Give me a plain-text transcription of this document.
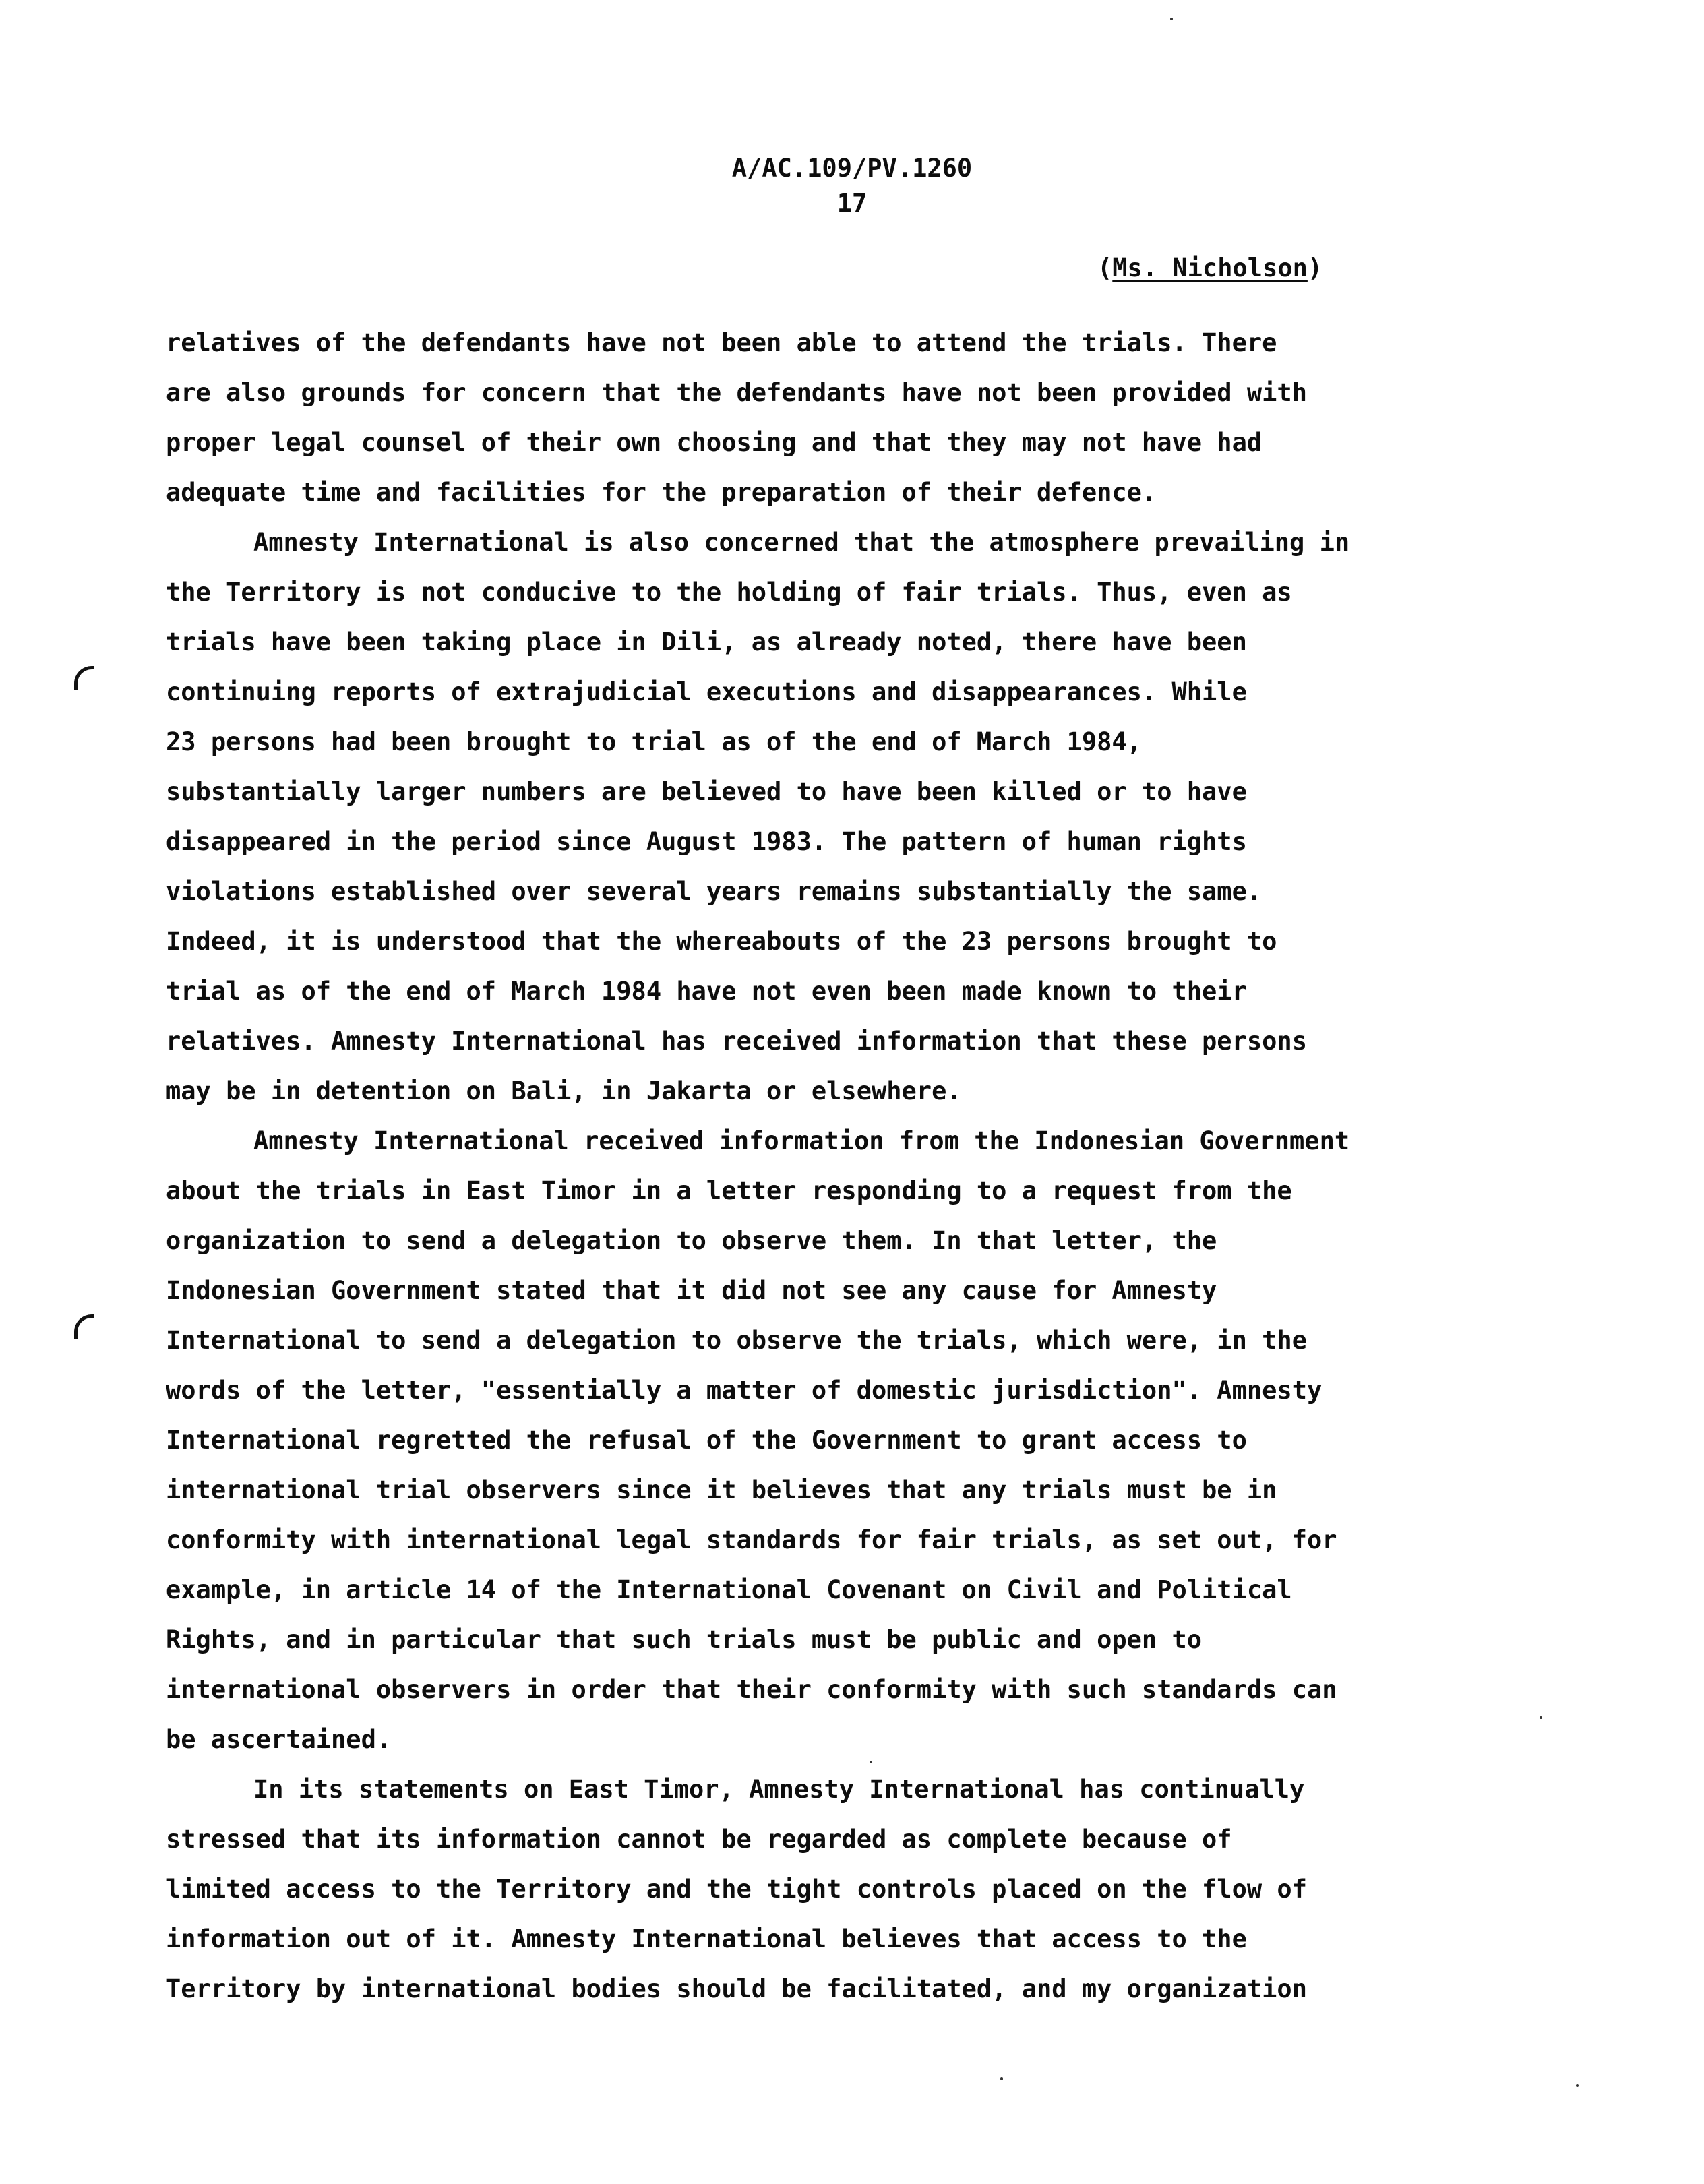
A/AC.109/PV.1260
17
(Ms. Nicholson)
relatives of the defendants have not been able to attend the trials. There
are also grounds for concern that the defendants have not been provided with
proper legal counsel of their own choosing and that they may not have had
adequate time and facilities for the preparation of their defence.
Amnesty International is also concerned that the atmosphere prevailing in
the Territory is not conducive to the holding of fair trials. Thus, even as
trials have been taking place in Dili, as already noted, there have been
continuing reports of extrajudicial executions and disappearances. While
23 persons had been brought to trial as of the end of March 1984,
substantially larger numbers are believed to have been killed or to have
disappeared in the period since August 1983. The pattern of human rights
violations established over several years remains substantially the same.
Indeed, it is understood that the whereabouts of the 23 persons brought to
trial as of the end of March 1984 have not even been made known to their
relatives. Amnesty International has received information that these persons
may be in detention on Bali, in Jakarta or elsewhere.
Amnesty International received information from the Indonesian Government
about the trials in East Timor in a letter responding to a request from the
organization to send a delegation to observe them. In that letter, the
Indonesian Government stated that it did not see any cause for Amnesty
International to send a delegation to observe the trials, which were, in the
words of the letter, "essentially a matter of domestic jurisdiction". Amnesty
International regretted the refusal of the Government to grant access to
international trial observers since it believes that any trials must be in
conformity with international legal standards for fair trials, as set out, for
example, in article 14 of the International Covenant on Civil and Political
Rights, and in particular that such trials must be public and open to
international observers in order that their conformity with such standards can
be ascertained.
In its statements on East Timor, Amnesty International has continually
stressed that its information cannot be regarded as complete because of
limited access to the Territory and the tight controls placed on the flow of
information out of it. Amnesty International believes that access to the
Territory by international bodies should be facilitated, and my organization
